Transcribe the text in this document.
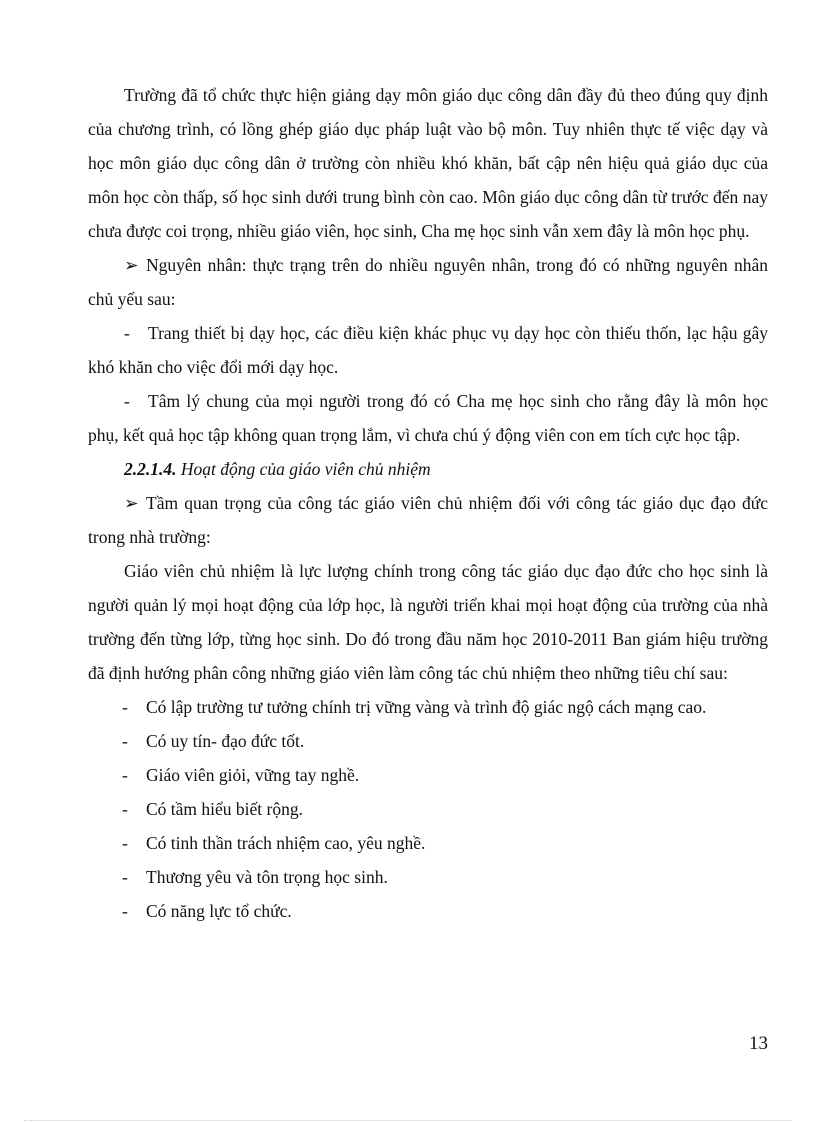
Trường đã tổ chức thực hiện giảng dạy môn giáo dục công dân đầy đủ theo đúng quy định của chương trình, có lồng ghép giáo dục pháp luật vào bộ môn. Tuy nhiên thực tế việc dạy và học môn giáo dục công dân ở trường còn nhiều khó khăn, bất cập nên hiệu quả giáo dục của môn học còn thấp, số học sinh dưới trung bình còn cao. Môn giáo dục công dân từ trước đến nay chưa được coi trọng, nhiều giáo viên, học sinh, Cha mẹ học sinh vẫn xem đây là môn học phụ.

➢ Nguyên nhân: thực trạng trên do nhiều nguyên nhân, trong đó có những nguyên nhân chủ yếu sau:

- Trang thiết bị dạy học, các điều kiện khác phục vụ dạy học còn thiếu thốn, lạc hậu gây khó khăn cho việc đổi mới dạy học.

- Tâm lý chung của mọi người trong đó có Cha mẹ học sinh cho rằng đây là môn học phụ, kết quả học tập không quan trọng lắm, vì chưa chú ý động viên con em tích cực học tập.

2.2.1.4. Hoạt động của giáo viên chủ nhiệm

➢ Tầm quan trọng của công tác giáo viên chủ nhiệm đối với công tác giáo dục đạo đức trong nhà trường:

Giáo viên chủ nhiệm là lực lượng chính trong công tác giáo dục đạo đức cho học sinh là người quản lý mọi hoạt động của lớp học, là người triển khai mọi hoạt động của trường của nhà trường đến từng lớp, từng học sinh. Do đó trong đầu năm học 2010-2011 Ban giám hiệu trường đã định hướng phân công những giáo viên làm công tác chủ nhiệm theo những tiêu chí sau:

-	Có lập trường tư tưởng chính trị vững vàng và trình độ giác ngộ cách mạng cao.
-	Có uy tín- đạo đức tốt.
-	Giáo viên giỏi, vững tay nghề.
-	Có tầm hiểu biết rộng.
-	Có tinh thần trách nhiệm cao, yêu nghề.
-	Thương yêu và tôn trọng học sinh.
-	Có năng lực tổ chức.
13
